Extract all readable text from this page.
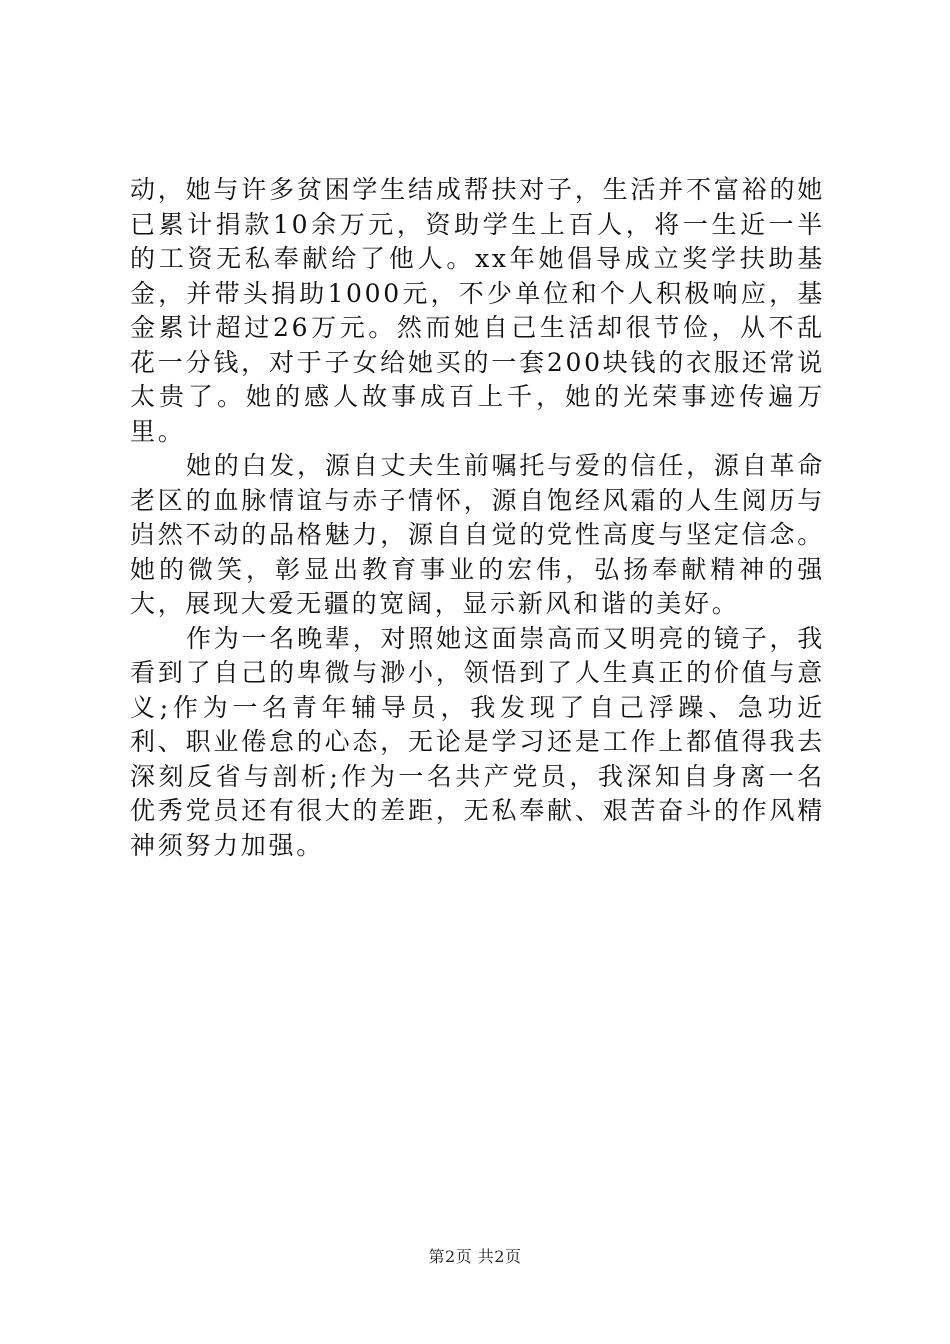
动，她与许多贫困学生结成帮扶对子，生活并不富裕的她已累计捐款10余万元，资助学生上百人，将一生近一半的工资无私奉献给了他人。xx年她倡导成立奖学扶助基金，并带头捐助1000元，不少单位和个人积极响应，基金累计超过26万元。然而她自己生活却很节俭，从不乱花一分钱，对于子女给她买的一套200块钱的衣服还常说太贵了。她的感人故事成百上千，她的光荣事迹传遍万里。

她的白发，源自丈夫生前嘱托与爱的信任，源自革命老区的血脉情谊与赤子情怀，源自饱经风霜的人生阅历与岿然不动的品格魅力，源自自觉的党性高度与坚定信念。她的微笑，彰显出教育事业的宏伟，弘扬奉献精神的强大，展现大爱无疆的宽阔，显示新风和谐的美好。

作为一名晚辈，对照她这面崇高而又明亮的镜子，我看到了自己的卑微与渺小，领悟到了人生真正的价值与意义;作为一名青年辅导员，我发现了自己浮躁、急功近利、职业倦怠的心态，无论是学习还是工作上都值得我去深刻反省与剖析;作为一名共产党员，我深知自身离一名优秀党员还有很大的差距，无私奉献、艰苦奋斗的作风精神须努力加强。

第2页 共2页
